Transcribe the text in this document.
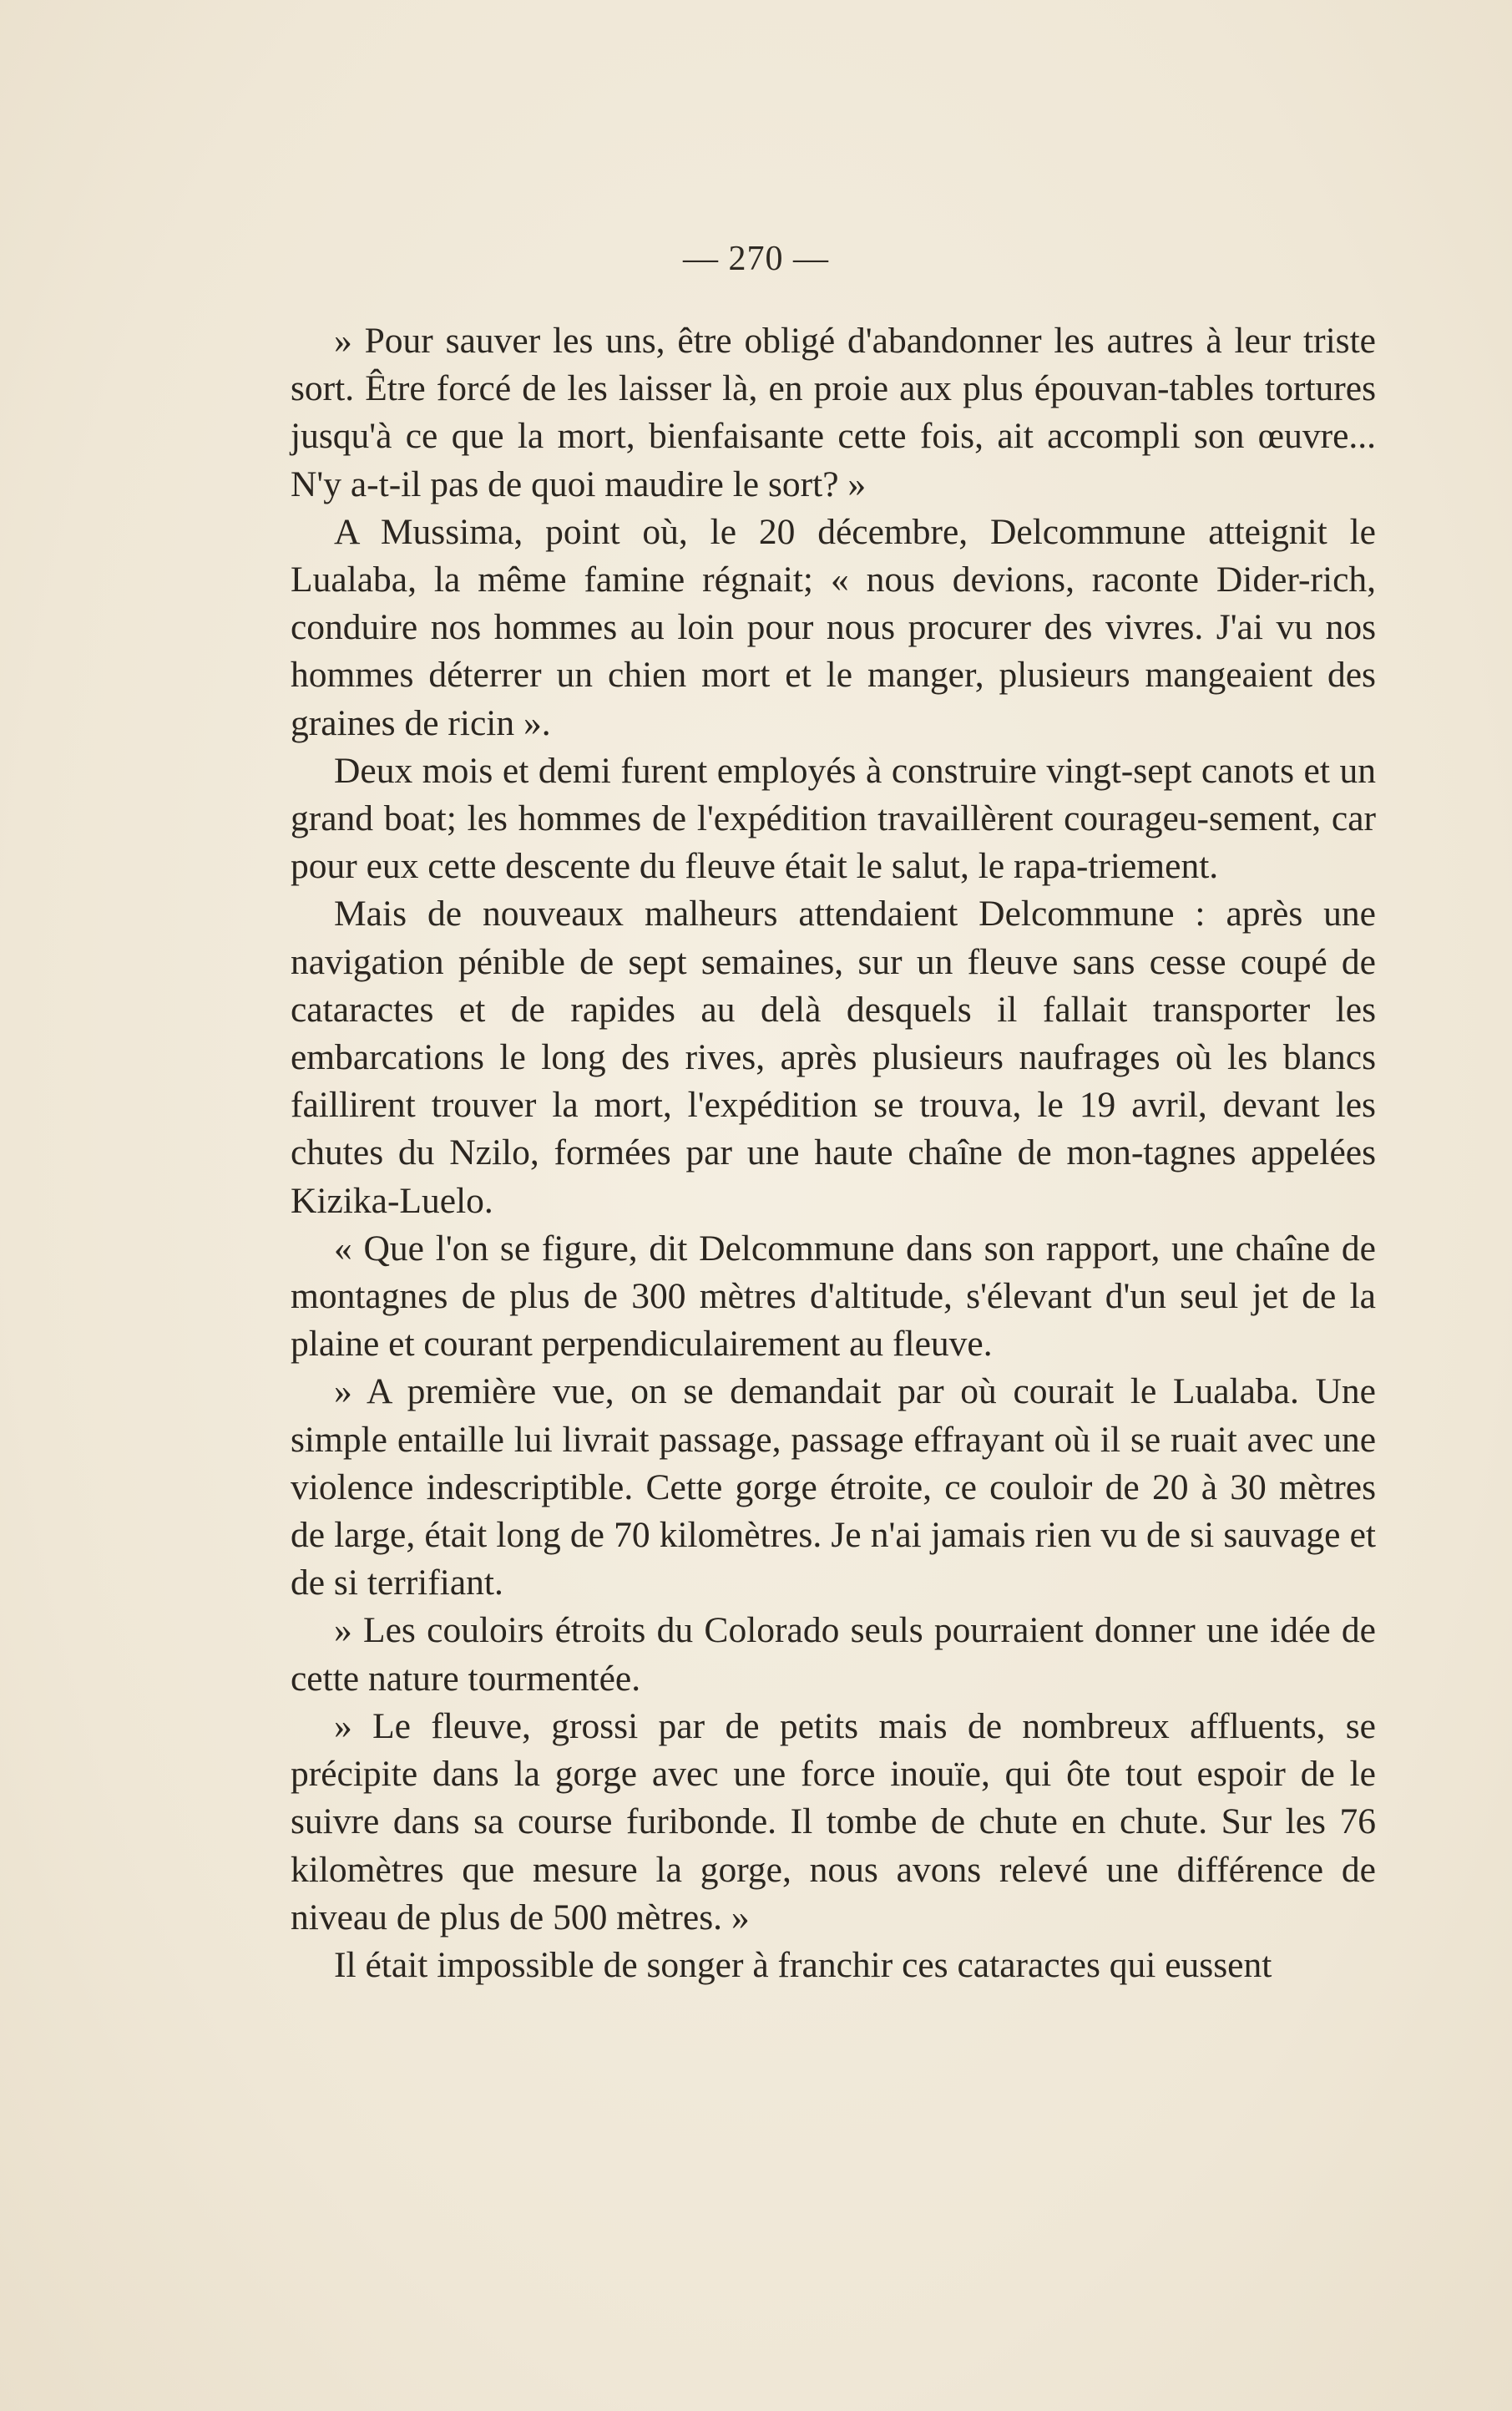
— 270 —

» Pour sauver les uns, être obligé d'abandonner les autres à leur triste sort. Être forcé de les laisser là, en proie aux plus épouvan-tables tortures jusqu'à ce que la mort, bienfaisante cette fois, ait accompli son œuvre... N'y a-t-il pas de quoi maudire le sort? »

A Mussima, point où, le 20 décembre, Delcommune atteignit le Lualaba, la même famine régnait; « nous devions, raconte Dider-rich, conduire nos hommes au loin pour nous procurer des vivres. J'ai vu nos hommes déterrer un chien mort et le manger, plusieurs mangeaient des graines de ricin ».

Deux mois et demi furent employés à construire vingt-sept canots et un grand boat; les hommes de l'expédition travaillèrent courageu-sement, car pour eux cette descente du fleuve était le salut, le rapa-triement.

Mais de nouveaux malheurs attendaient Delcommune : après une navigation pénible de sept semaines, sur un fleuve sans cesse coupé de cataractes et de rapides au delà desquels il fallait transporter les embarcations le long des rives, après plusieurs naufrages où les blancs faillirent trouver la mort, l'expédition se trouva, le 19 avril, devant les chutes du Nzilo, formées par une haute chaîne de mon-tagnes appelées Kizika-Luelo.

« Que l'on se figure, dit Delcommune dans son rapport, une chaîne de montagnes de plus de 300 mètres d'altitude, s'élevant d'un seul jet de la plaine et courant perpendiculairement au fleuve.

» A première vue, on se demandait par où courait le Lualaba. Une simple entaille lui livrait passage, passage effrayant où il se ruait avec une violence indescriptible. Cette gorge étroite, ce couloir de 20 à 30 mètres de large, était long de 70 kilomètres. Je n'ai jamais rien vu de si sauvage et de si terrifiant.

» Les couloirs étroits du Colorado seuls pourraient donner une idée de cette nature tourmentée.

» Le fleuve, grossi par de petits mais de nombreux affluents, se précipite dans la gorge avec une force inouïe, qui ôte tout espoir de le suivre dans sa course furibonde. Il tombe de chute en chute. Sur les 76 kilomètres que mesure la gorge, nous avons relevé une différence de niveau de plus de 500 mètres. »

Il était impossible de songer à franchir ces cataractes qui eussent
